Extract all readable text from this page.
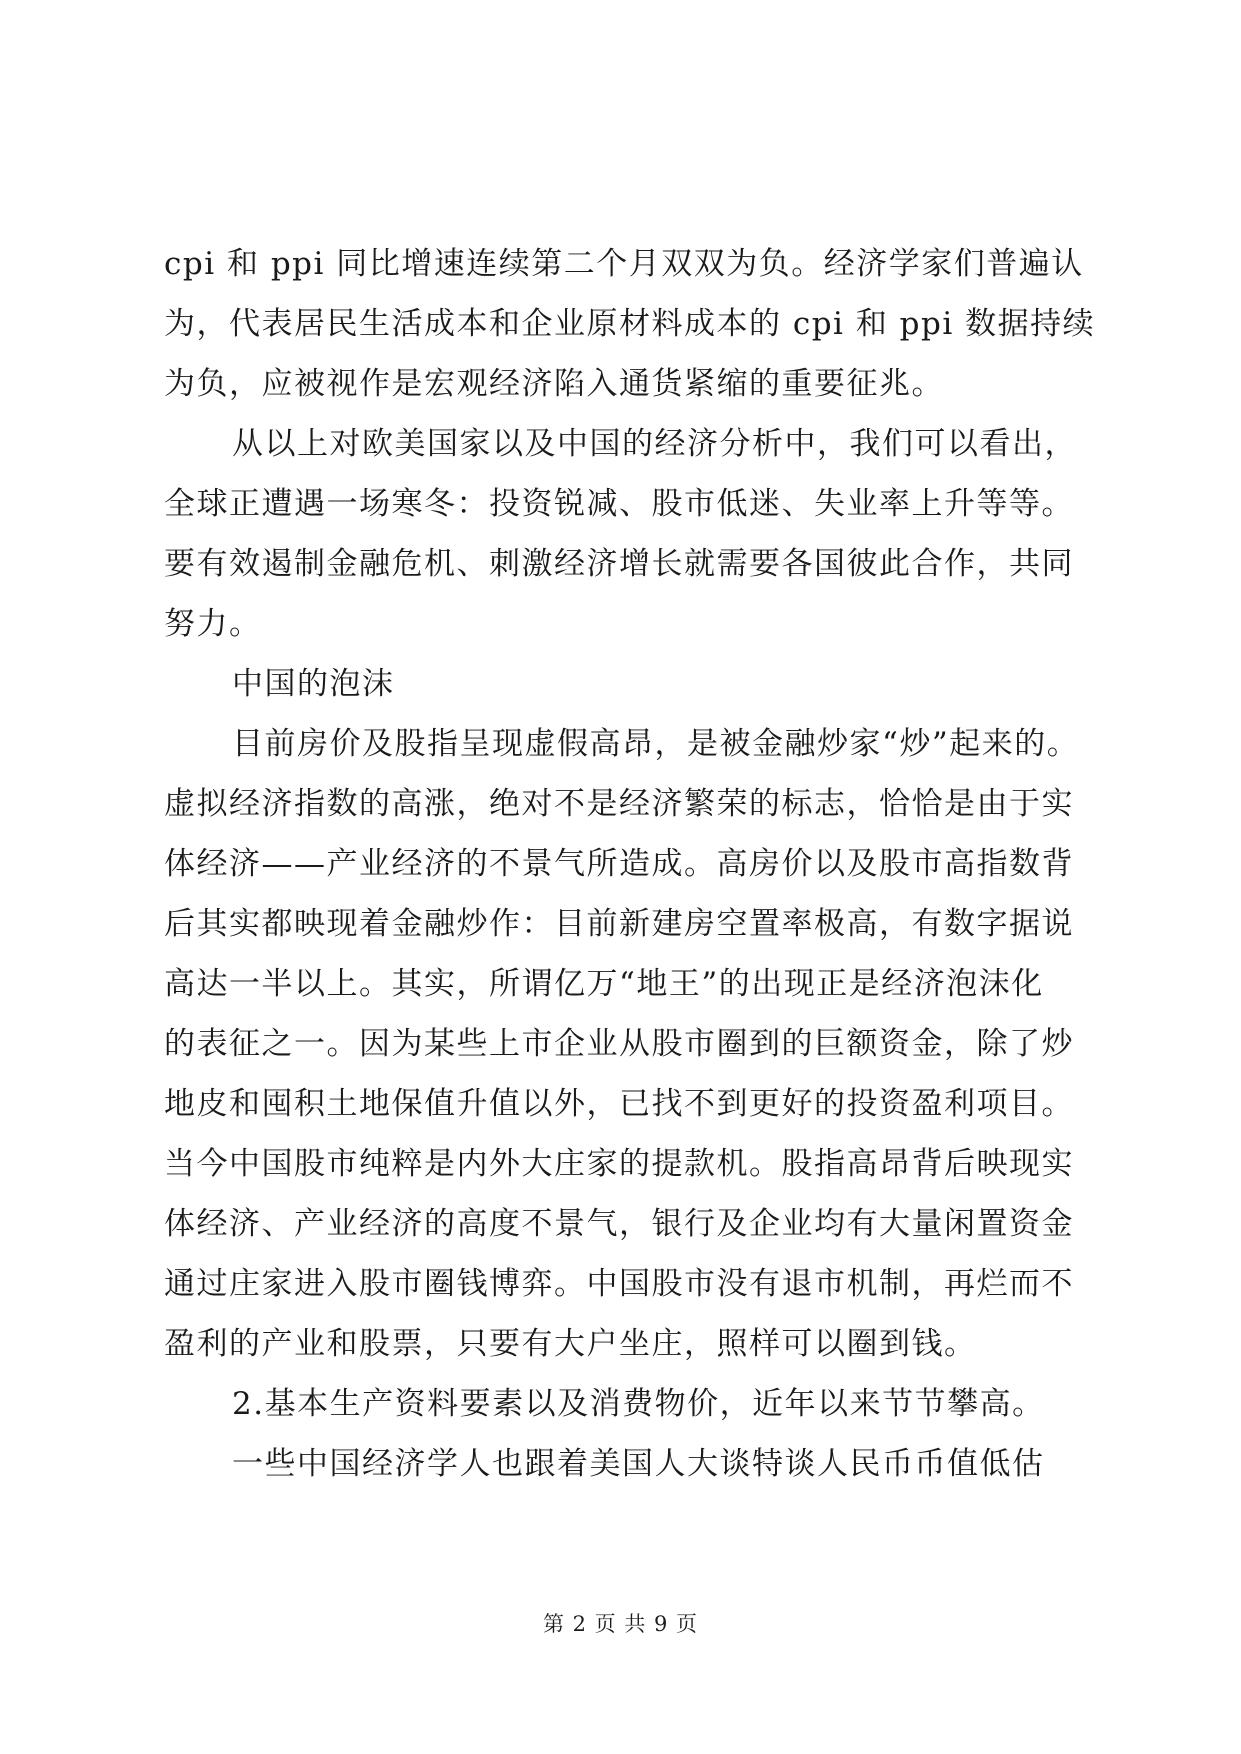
cpi 和 ppi 同比增速连续第二个月双双为负。经济学家们普遍认
为，代表居民生活成本和企业原材料成本的 cpi 和 ppi 数据持续
为负，应被视作是宏观经济陷入通货紧缩的重要征兆。
从以上对欧美国家以及中国的经济分析中，我们可以看出，
全球正遭遇一场寒冬：投资锐减、股市低迷、失业率上升等等。
要有效遏制金融危机、刺激经济增长就需要各国彼此合作，共同
努力。
中国的泡沫
目前房价及股指呈现虚假高昂，是被金融炒家“炒”起来的。
虚拟经济指数的高涨，绝对不是经济繁荣的标志，恰恰是由于实
体经济——产业经济的不景气所造成。高房价以及股市高指数背
后其实都映现着金融炒作：目前新建房空置率极高，有数字据说
高达一半以上。其实，所谓亿万“地王”的出现正是经济泡沫化
的表征之一。因为某些上市企业从股市圈到的巨额资金，除了炒
地皮和囤积土地保值升值以外，已找不到更好的投资盈利项目。
当今中国股市纯粹是内外大庄家的提款机。股指高昂背后映现实
体经济、产业经济的高度不景气，银行及企业均有大量闲置资金
通过庄家进入股市圈钱博弈。中国股市没有退市机制，再烂而不
盈利的产业和股票，只要有大户坐庄，照样可以圈到钱。
2.基本生产资料要素以及消费物价，近年以来节节攀高。
一些中国经济学人也跟着美国人大谈特谈人民币币值低估
第 2 页 共 9 页
